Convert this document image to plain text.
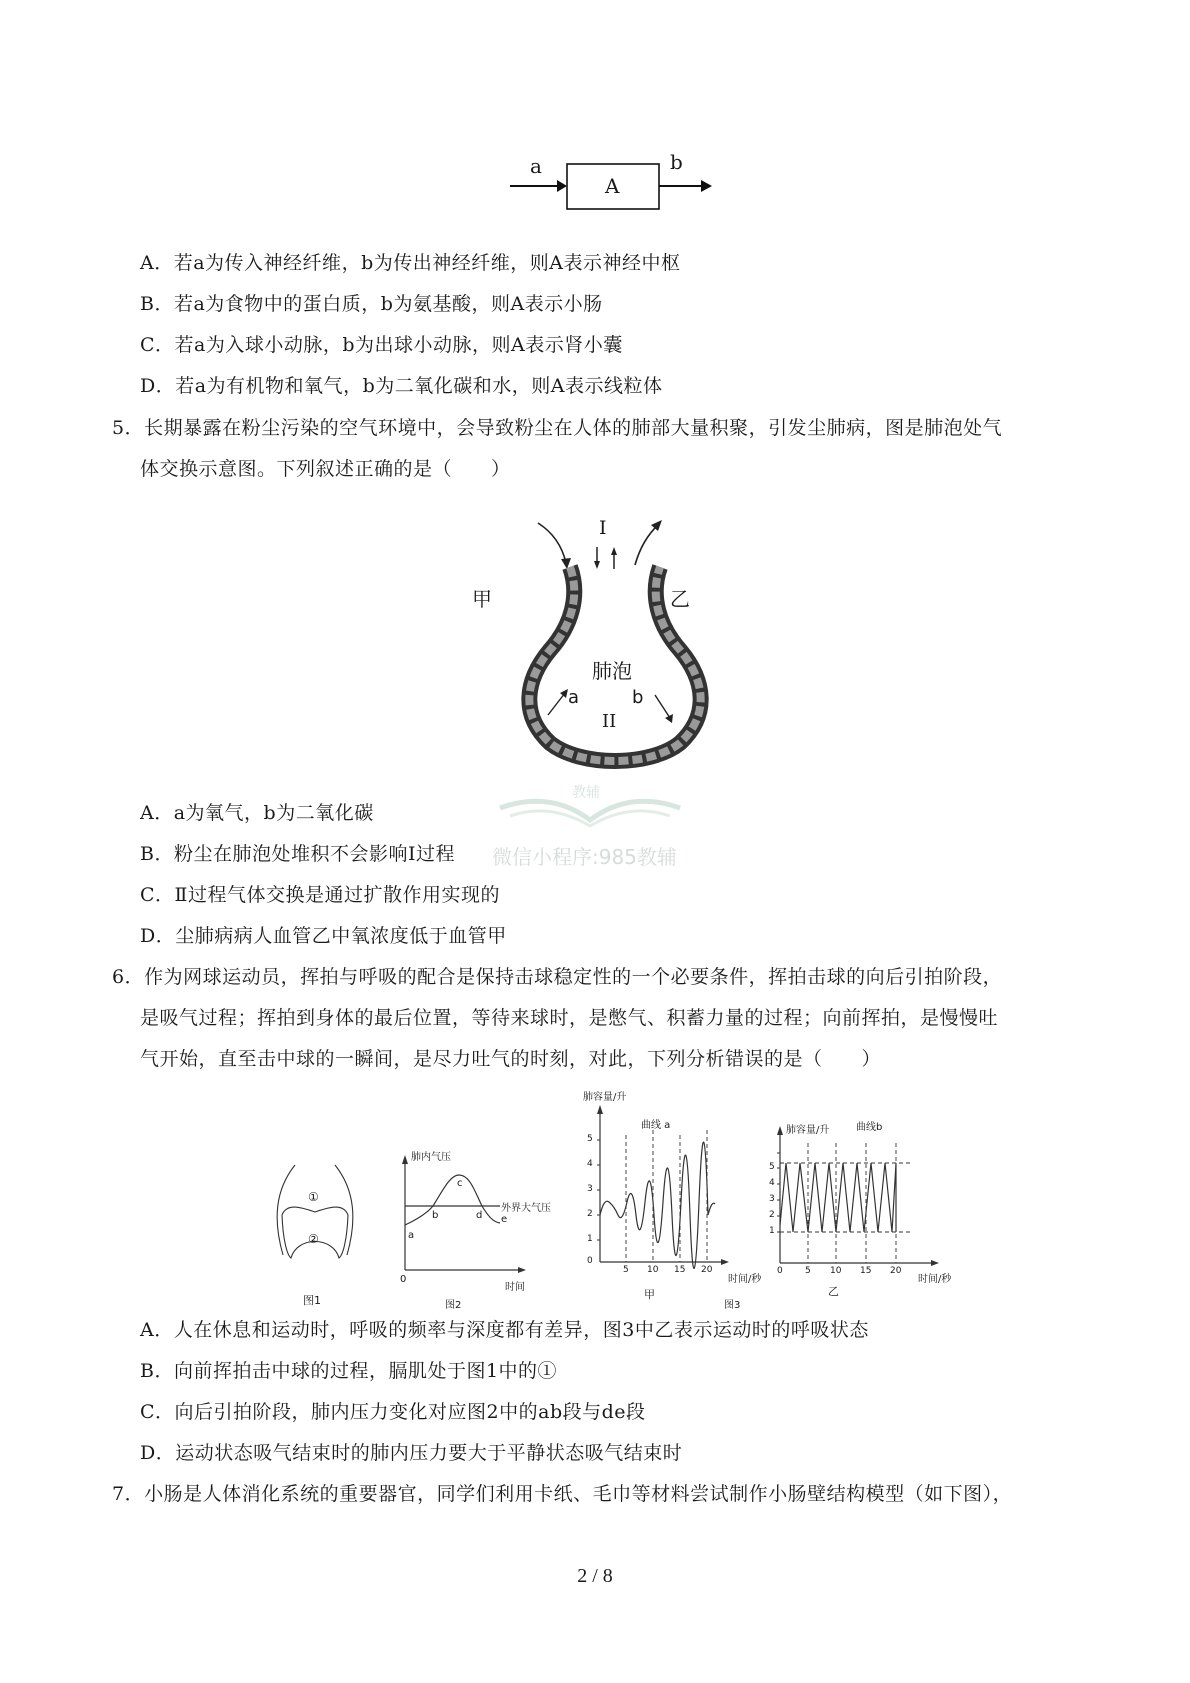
a
A
b
A．若a为传入神经纤维，b为传出神经纤维，则A表示神经中枢
B．若a为食物中的蛋白质，b为氨基酸，则A表示小肠
C．若a为入球小动脉，b为出球小动脉，则A表示肾小囊
D．若a为有机物和氧气，b为二氧化碳和水，则A表示线粒体
5．长期暴露在粉尘污染的空气环境中，会导致粉尘在人体的肺部大量积聚，引发尘肺病，图是肺泡处气
体交换示意图。下列叙述正确的是（　　）
I
甲	乙
肺泡
a	b
II
教辅
A．a为氧气，b为二氧化碳
B．粉尘在肺泡处堆积不会影响Ⅰ过程 微信小程序:985教辅
C．Ⅱ过程气体交换是通过扩散作用实现的
D．尘肺病病人血管乙中氧浓度低于血管甲
6．作为网球运动员，挥拍与呼吸的配合是保持击球稳定性的一个必要条件，挥拍击球的向后引拍阶段，
是吸气过程；挥拍到身体的最后位置，等待来球时，是憋气、积蓄力量的过程；向前挥拍，是慢慢吐
气开始，直至击中球的一瞬间，是尽力吐气的时刻，对此，下列分析错误的是（　　）
①
②
图1
肺内气压
外界大气压
a
b
c
d e
0
时间
图2
肺容量/升
曲线 a
5
4
3
2
1
0
5 10 15 20
时间/秒
甲
图3
肺容量/升	曲线b
5
4
3
2
1
0 5 10 15 20
时间/秒
乙
A．人在休息和运动时，呼吸的频率与深度都有差异，图3中乙表示运动时的呼吸状态
B．向前挥拍击中球的过程，膈肌处于图1中的①
C．向后引拍阶段，肺内压力变化对应图2中的ab段与de段
D．运动状态吸气结束时的肺内压力要大于平静状态吸气结束时
7．小肠是人体消化系统的重要器官，同学们利用卡纸、毛巾等材料尝试制作小肠壁结构模型（如下图），
2 / 8
